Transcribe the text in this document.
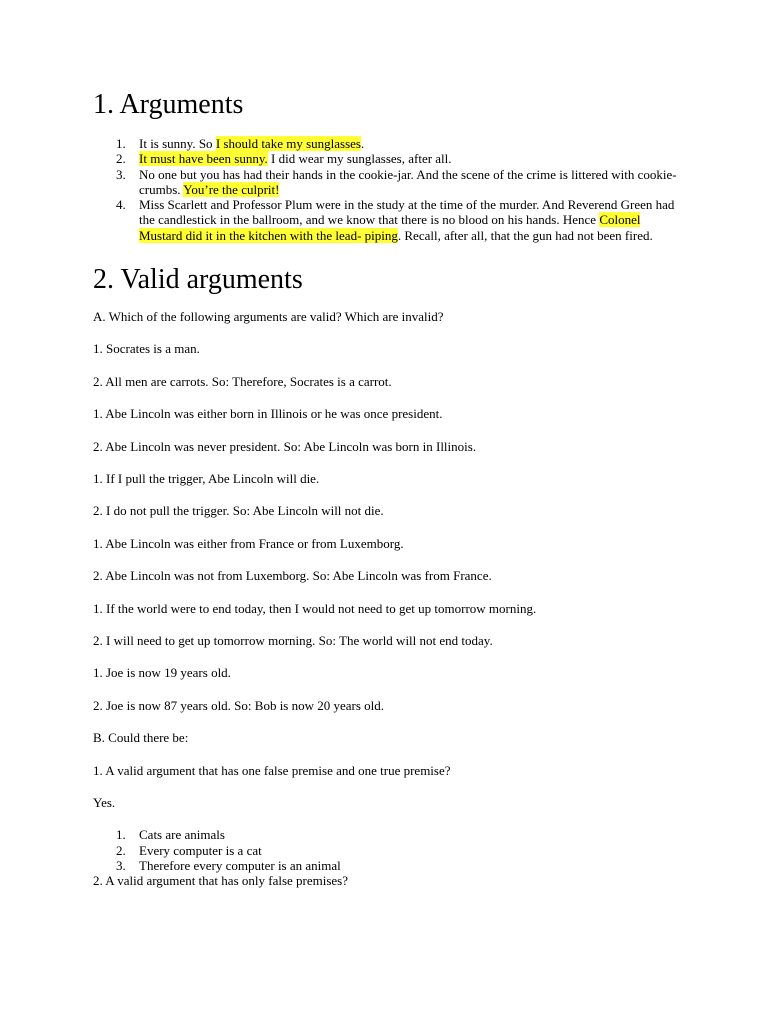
1. Arguments
1. It is sunny. So I should take my sunglasses.
2. It must have been sunny. I did wear my sunglasses, after all.
3. No one but you has had their hands in the cookie-jar. And the scene of the crime is littered with cookie-crumbs. You’re the culprit!
4. Miss Scarlett and Professor Plum were in the study at the time of the murder. And Reverend Green had the candlestick in the ballroom, and we know that there is no blood on his hands. Hence Colonel Mustard did it in the kitchen with the lead- piping. Recall, after all, that the gun had not been fired.
2. Valid arguments

A. Which of the following arguments are valid? Which are invalid?

1. Socrates is a man.

2. All men are carrots. So: Therefore, Socrates is a carrot.

1. Abe Lincoln was either born in Illinois or he was once president.

2. Abe Lincoln was never president. So: Abe Lincoln was born in Illinois.

1. If I pull the trigger, Abe Lincoln will die.

2. I do not pull the trigger. So: Abe Lincoln will not die.

1. Abe Lincoln was either from France or from Luxemborg.

2. Abe Lincoln was not from Luxemborg. So: Abe Lincoln was from France.

1. If the world were to end today, then I would not need to get up tomorrow morning.

2. I will need to get up tomorrow morning. So: The world will not end today.

1. Joe is now 19 years old.

2. Joe is now 87 years old. So: Bob is now 20 years old.

B. Could there be:

1. A valid argument that has one false premise and one true premise?

Yes.

1. Cats are animals
2. Every computer is a cat
3. Therefore every computer is an animal

2. A valid argument that has only false premises?
